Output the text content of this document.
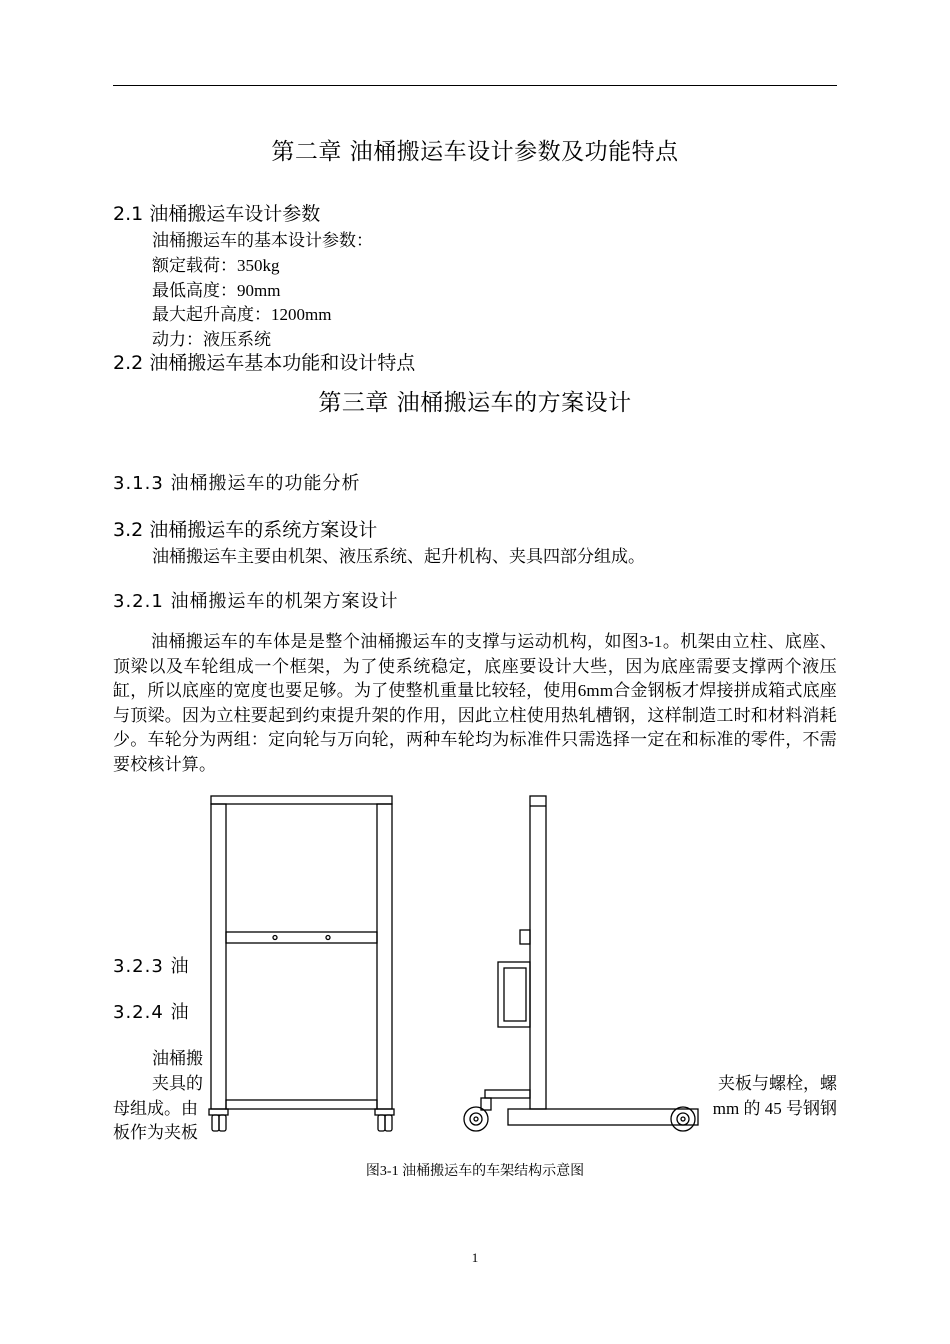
第二章 油桶搬运车设计参数及功能特点
2.1 油桶搬运车设计参数
油桶搬运车的基本设计参数：
额定载荷：350kg
最低高度：90mm
最大起升高度：1200mm
动力：液压系统
2.2 油桶搬运车基本功能和设计特点
第三章 油桶搬运车的方案设计
3.1.3 油桶搬运车的功能分析
3.2 油桶搬运车的系统方案设计
油桶搬运车主要由机架、液压系统、起升机构、夹具四部分组成。
3.2.1 油桶搬运车的机架方案设计
油桶搬运车的车体是是整个油桶搬运车的支撑与运动机构，如图3-1。机架由立柱、底座、顶梁以及车轮组成一个框架，为了使系统稳定，底座要设计大些，因为底座需要支撑两个液压缸，所以底座的宽度也要足够。为了使整机重量比较轻，使用6mm合金钢板才焊接拼成箱式底座与顶梁。因为立柱要起到约束提升架的作用，因此立柱使用热轧槽钢，这样制造工时和材料消耗少。车轮分为两组：定向轮与万向轮，两种车轮均为标准件只需选择一定在和标准的零件，不需要校核计算。
3.2.3 油
3.2.4 油
油桶搬
夹具的	夹板与螺栓，螺
母组成。由	mm 的 45 号钢钢
板作为夹板
图3-1 油桶搬运车的车架结构示意图
1
